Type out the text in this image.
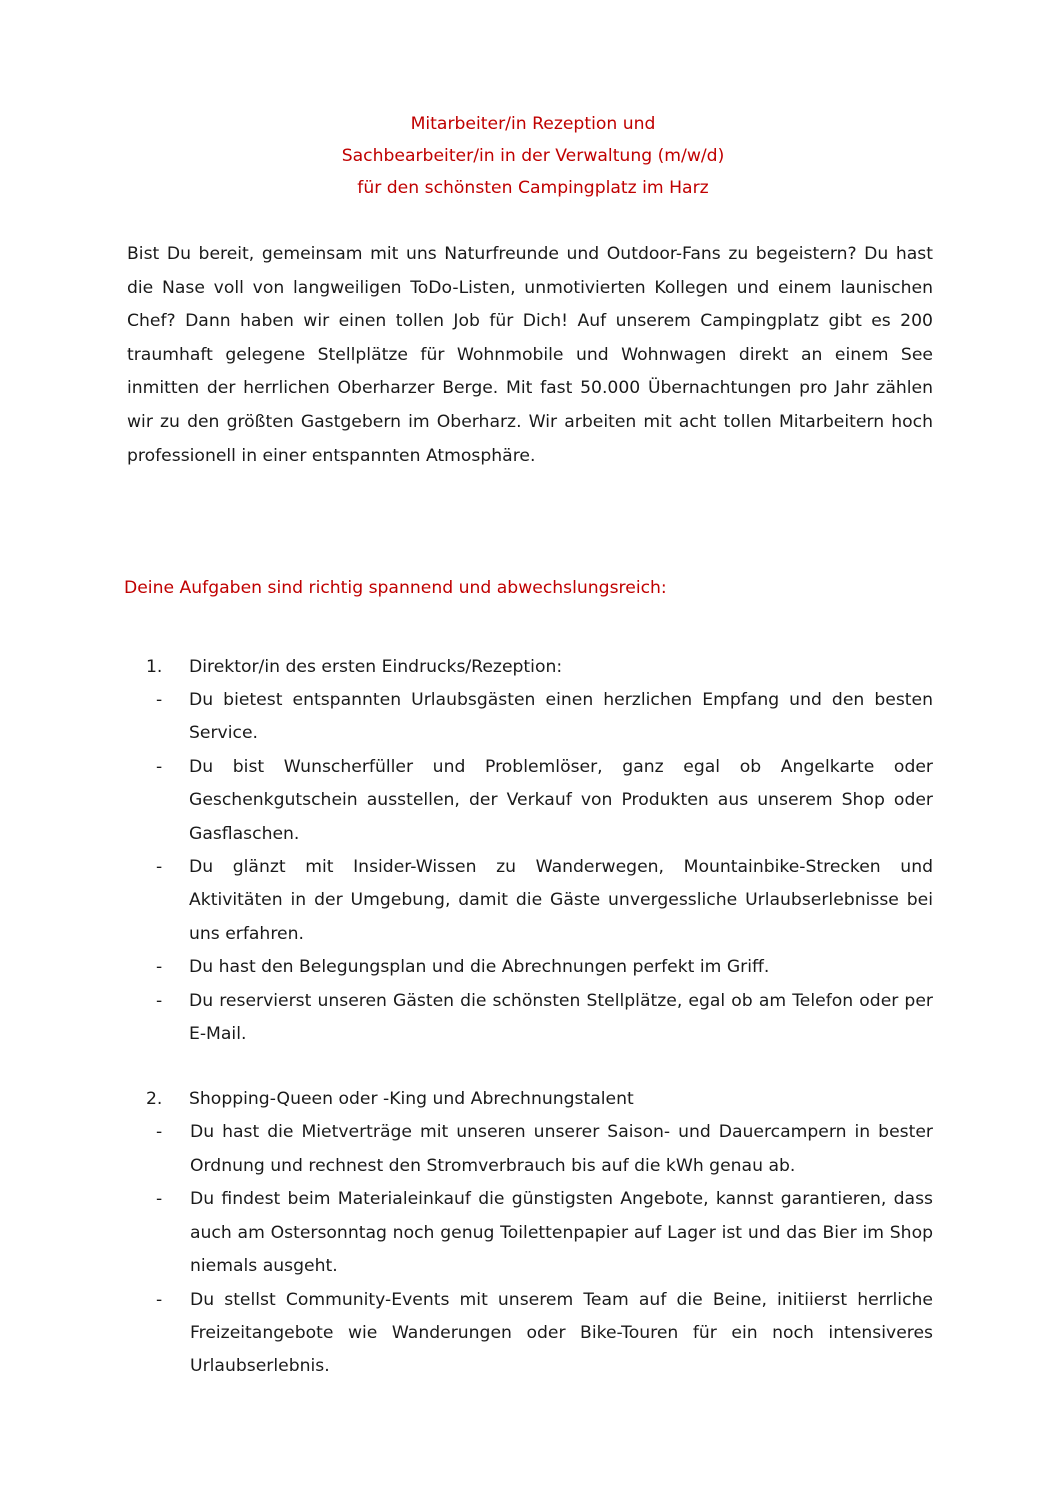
Mitarbeiter/in Rezeption und
Sachbearbeiter/in in der Verwaltung (m/w/d)
für den schönsten Campingplatz im Harz

Bist Du bereit, gemeinsam mit uns Naturfreunde und Outdoor-Fans zu begeistern? Du hast die Nase voll von langweiligen ToDo-Listen, unmotivierten Kollegen und einem launischen Chef? Dann haben wir einen tollen Job für Dich! Auf unserem Campingplatz gibt es 200 traumhaft gelegene Stellplätze für Wohnmobile und Wohnwagen direkt an einem See inmitten der herrlichen Oberharzer Berge. Mit fast 50.000 Übernachtungen pro Jahr zählen wir zu den größten Gastgebern im Oberharz. Wir arbeiten mit acht tollen Mitarbeitern hoch professionell in einer entspannten Atmosphäre.

Deine Aufgaben sind richtig spannend und abwechslungsreich:
1. Direktor/in des ersten Eindrucks/Rezeption:
- Du bietest entspannten Urlaubsgästen einen herzlichen Empfang und den besten Service.
- Du bist Wunscherfüller und Problemlöser, ganz egal ob Angelkarte oder Geschenkgutschein ausstellen, der Verkauf von Produkten aus unserem Shop oder Gasflaschen.
- Du glänzt mit Insider-Wissen zu Wanderwegen, Mountainbike-Strecken und Aktivitäten in der Umgebung, damit die Gäste unvergessliche Urlaubserlebnisse bei uns erfahren.
- Du hast den Belegungsplan und die Abrechnungen perfekt im Griff.
- Du reservierst unseren Gästen die schönsten Stellplätze, egal ob am Telefon oder per E-Mail.
2. Shopping-Queen oder -King und Abrechnungstalent
- Du hast die Mietverträge mit unseren unserer Saison- und Dauercampern in bester Ordnung und rechnest den Stromverbrauch bis auf die kWh genau ab.
- Du findest beim Materialeinkauf die günstigsten Angebote, kannst garantieren, dass auch am Ostersonntag noch genug Toilettenpapier auf Lager ist und das Bier im Shop niemals ausgeht.
- Du stellst Community-Events mit unserem Team auf die Beine, initiierst herrliche Freizeitangebote wie Wanderungen oder Bike-Touren für ein noch intensiveres Urlaubserlebnis.
